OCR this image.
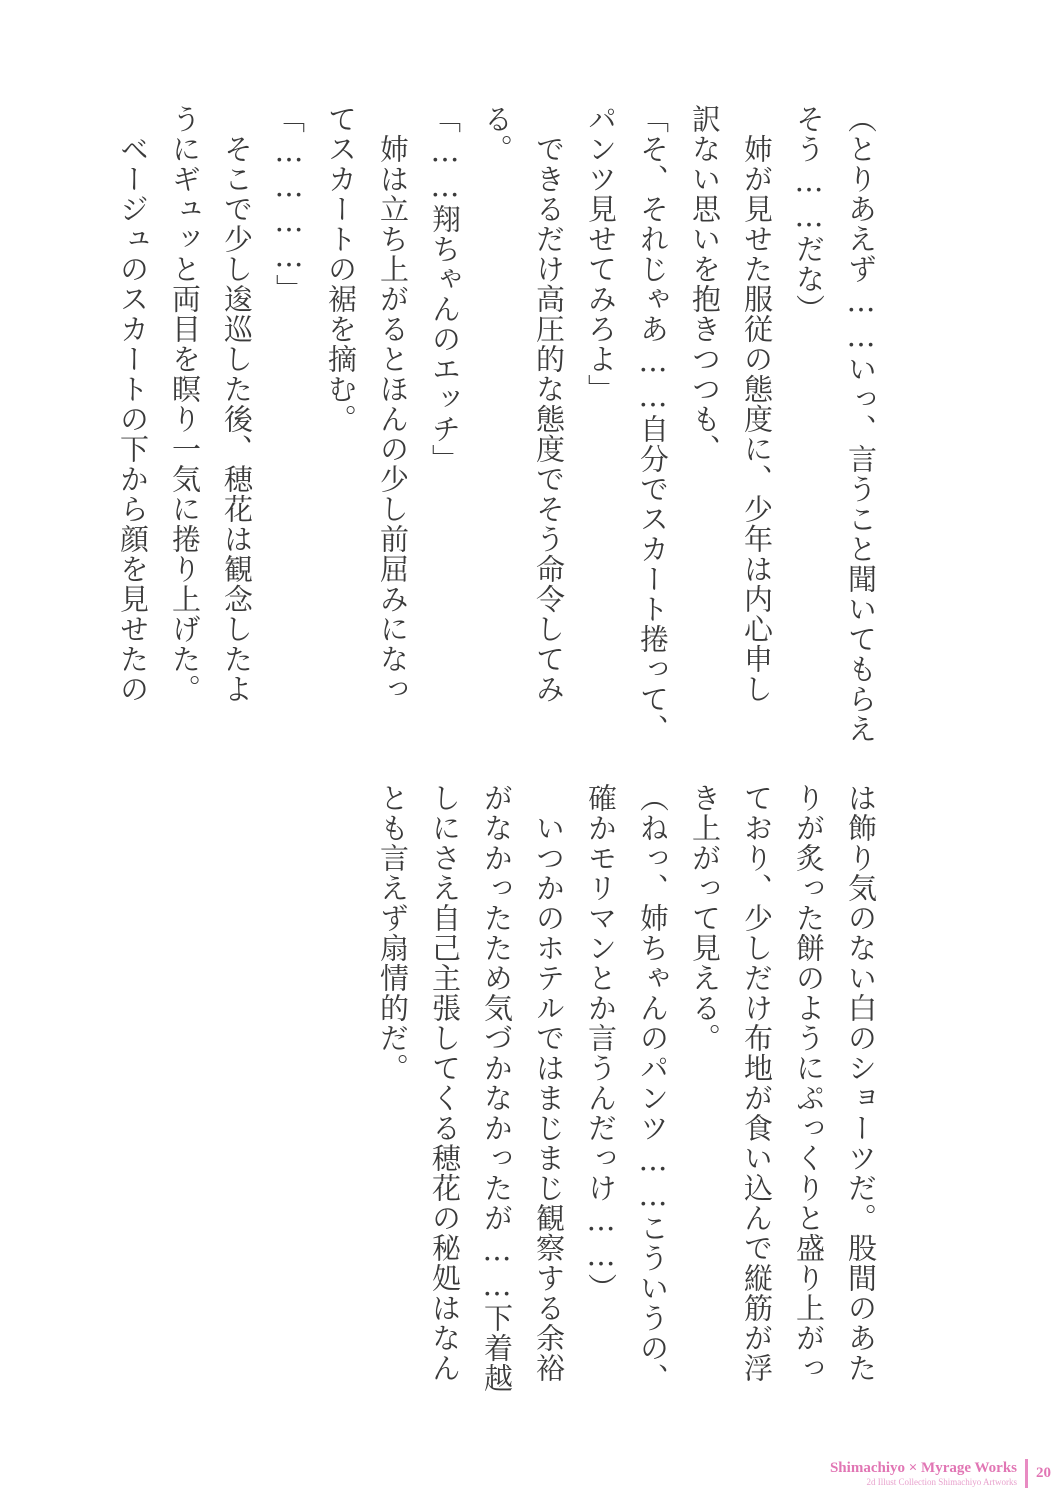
（とりあえず……いっ、言うこと聞いてもらえ

そう……だな）

　姉が見せた服従の態度に、少年は内心申し

訳ない思いを抱きつつも、

「そ、それじゃあ……自分でスカート捲って、

パンツ見せてみろよ」

　できるだけ高圧的な態度でそう命令してみ

る。

「……翔ちゃんのエッチ」

　姉は立ち上がるとほんの少し前屈みになっ

てスカートの裾を摘む。

「…………」

　そこで少し逡巡した後、穂花は観念したよ

うにギュッと両目を瞑り一気に捲り上げた。

　ベージュのスカートの下から顔を見せたの

は飾り気のない白のショーツだ。股間のあた

りが炙った餅のようにぷっくりと盛り上がっ

ており、少しだけ布地が食い込んで縦筋が浮

き上がって見える。

（ねっ、姉ちゃんのパンツ……こういうの、

確かモリマンとか言うんだっけ……）

　いつかのホテルではまじまじ観察する余裕

がなかったため気づかなかったが……下着越

しにさえ自己主張してくる穂花の秘処はなん

とも言えず扇情的だ。

Shimachiyo × Myrage Works
2d Illust Collection Shimachiyo Artworks
20
